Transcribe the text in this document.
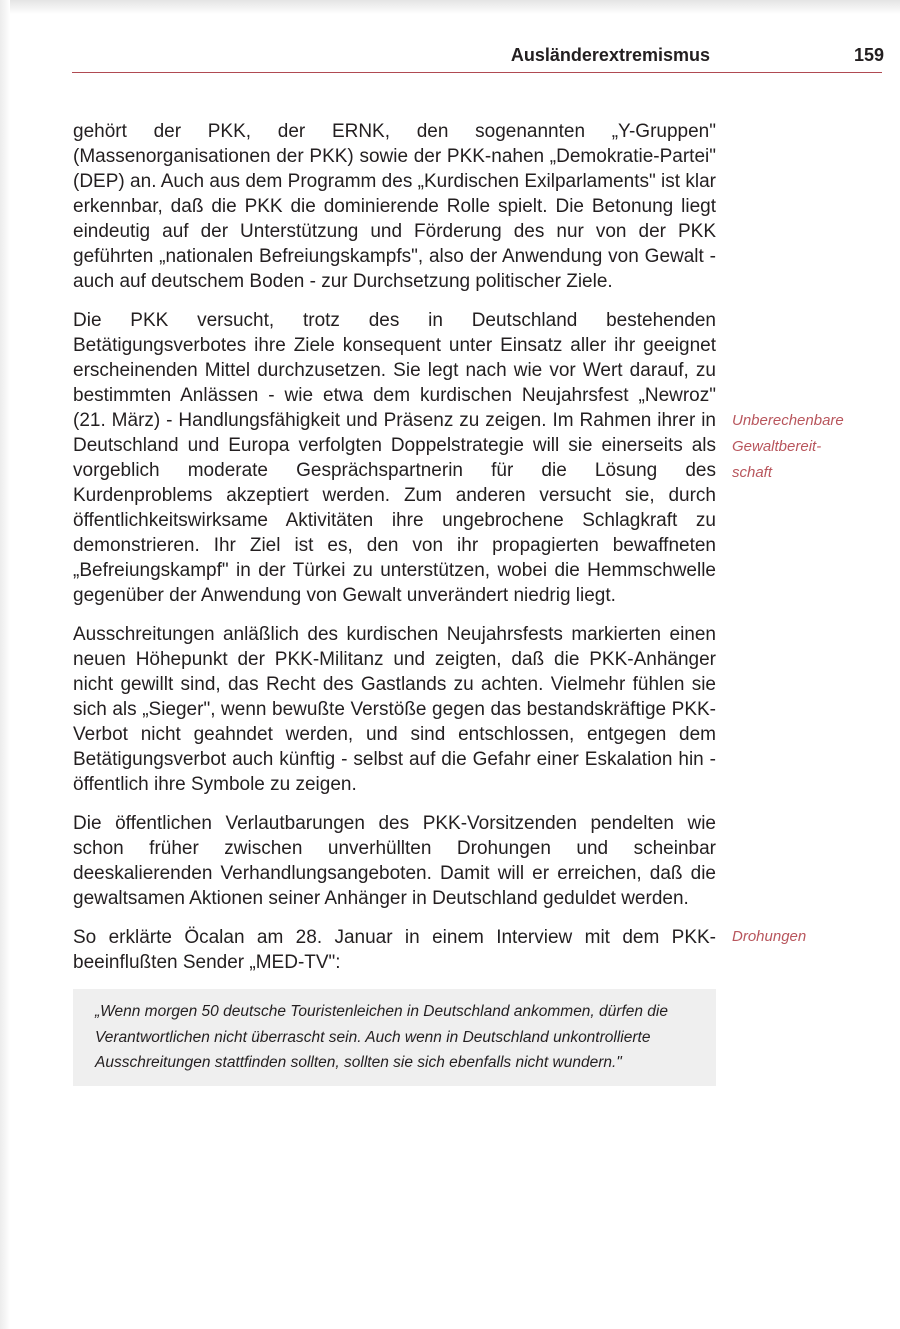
Ausländerextremismus	159

gehört der PKK, der ERNK, den sogenannten „Y-Gruppen" (Massenorganisationen der PKK) sowie der PKK-nahen „Demokratie-Partei" (DEP) an. Auch aus dem Programm des „Kurdischen Exilparlaments" ist klar erkennbar, daß die PKK die dominierende Rolle spielt. Die Betonung liegt eindeutig auf der Unterstützung und Förderung des nur von der PKK geführten „nationalen Befreiungskampfs", also der Anwendung von Gewalt - auch auf deutschem Boden - zur Durchsetzung politischer Ziele.

Die PKK versucht, trotz des in Deutschland bestehenden Betätigungsverbotes ihre Ziele konsequent unter Einsatz aller ihr geeignet erscheinenden Mittel durchzusetzen. Sie legt nach wie vor Wert darauf, zu bestimmten Anlässen - wie etwa dem kurdischen Neujahrsfest „Newroz" (21. März) - Handlungsfähigkeit und Präsenz zu zeigen. Im Rahmen ihrer in Deutschland und Europa verfolgten Doppelstrategie will sie einerseits als vorgeblich moderate Gesprächspartnerin für die Lösung des Kurdenproblems akzeptiert werden. Zum anderen versucht sie, durch öffentlichkeitswirksame Aktivitäten ihre ungebrochene Schlagkraft zu demonstrieren. Ihr Ziel ist es, den von ihr propagierten bewaffneten „Befreiungskampf" in der Türkei zu unterstützen, wobei die Hemmschwelle gegenüber der Anwendung von Gewalt unverändert niedrig liegt.

Ausschreitungen anläßlich des kurdischen Neujahrsfests markierten einen neuen Höhepunkt der PKK-Militanz und zeigten, daß die PKK-Anhänger nicht gewillt sind, das Recht des Gastlands zu achten. Vielmehr fühlen sie sich als „Sieger", wenn bewußte Verstöße gegen das bestandskräftige PKK-Verbot nicht geahndet werden, und sind entschlossen, entgegen dem Betätigungsverbot auch künftig - selbst auf die Gefahr einer Eskalation hin - öffentlich ihre Symbole zu zeigen.

Die öffentlichen Verlautbarungen des PKK-Vorsitzenden pendelten wie schon früher zwischen unverhüllten Drohungen und scheinbar deeskalierenden Verhandlungsangeboten. Damit will er erreichen, daß die gewaltsamen Aktionen seiner Anhänger in Deutschland geduldet werden.

So erklärte Öcalan am 28. Januar in einem Interview mit dem PKK-beeinflußten Sender „MED-TV":

„Wenn morgen 50 deutsche Touristenleichen in Deutschland ankommen, dürfen die Verantwortlichen nicht überrascht sein. Auch wenn in Deutschland unkontrollierte Ausschreitungen stattfinden sollten, sollten sie sich ebenfalls nicht wundern."

Unberechenbare
Gewaltbereit-
schaft
Drohungen
